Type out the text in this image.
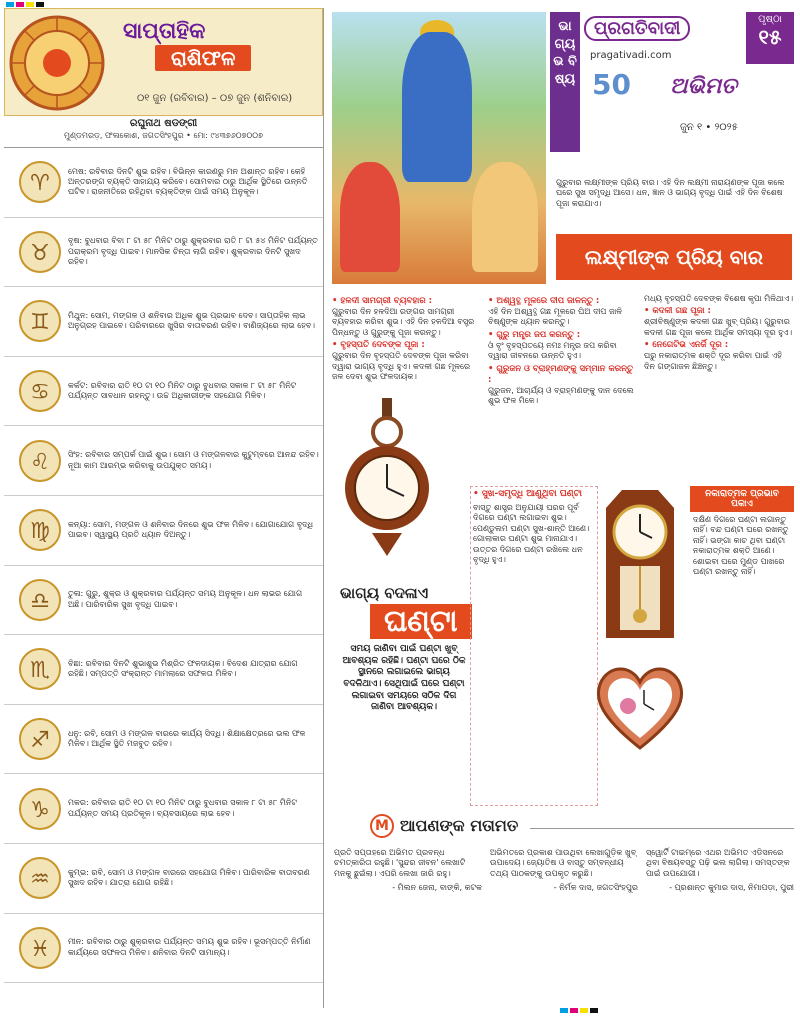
ସାପ୍ତାହିକ
ରାଶିଫଳ
୦୧ ଜୁନ (ରବିବାର) – ୦୭ ଜୁନ (ଶନିବାର)
ରଘୁନାଥ ଷଡଙ୍ଗୀ
ମୁଣ୍ଡମରଡ଼, ଫଳାକୋଶ, ଜଗତସିଂହପୁର • ମୋ: ୯୪୩୭୬୦୭୦୦୭
♈
ମେଷ: ରବିବାର ଦିନଟି ଶୁଭ ରହିବ। ବିଭିନ୍ନ କାରଣରୁ ମନ ଅଶାନ୍ତ ରହିବ। କେହି ଅନ୍ତରଙ୍ଗ ବ୍ୟକ୍ତି ସାହାଯ୍ୟ କରିବେ। ସୋମବାର ଠାରୁ ଆର୍ଥିକ ସ୍ଥିତିରେ ଉନ୍ନତି ଘଟିବ। ରାଜନୀତିରେ ରହିଥିବା ବ୍ୟକ୍ତିଙ୍କ ପାଇଁ ସମୟ ଅନୁକୂଳ।
♉
ବୃଷ: ବୁଧବାର ବିବା ୮ ଟା ୫୮ ମିନିଟ ଠାରୁ ଶୁକ୍ରବାର ରାତି ୮ ଟା ୫୪ ମିନିଟ ପର୍ଯ୍ୟନ୍ତ ପରାକ୍ରମ ବୃଦ୍ଧି ପାଇବ। ମାନସିକ ଚିନ୍ତା ଲାଗି ରହିବ। ଶୁକ୍ରବାର ଦିନଟି ସୁଖଦ ରହିବ।
♊ ମିଥୁନ: ସୋମ, ମଙ୍ଗଳ ଓ ଶନିବାର ଅଧିକ ଶୁଭ ପ୍ରଭାବ ଦେବ। ସାପ୍ତାହିକ ଲାଭ ଅନୁଗ୍ରହ ପାଇବେ। ପରିବାରରେ ଖୁସିର ବାତାବରଣ ରହିବ। ବାଣିଜ୍ୟରେ ଲାଭ ହେବ।
♋ କର୍କଟ: ରବିବାର ରାତି ୧୦ ଟା ୧୦ ମିନିଟ ଠାରୁ ବୁଧବାର ସକାଳ ୮ ଟା ୫୮ ମିନିଟ ପର୍ଯ୍ୟନ୍ତ ସାବଧାନ ରହନ୍ତୁ। ଉଚ୍ଚ ଅଧିକାରୀଙ୍କ ସହଯୋଗ ମିଳିବ।
♌ ସିଂହ: ରବିବାର ସମ୍ପର୍କ ପାଇଁ ଶୁଭ। ସୋମ ଓ ମଙ୍ଗଳବାର କୁଟୁମ୍ବରେ ଆନନ୍ଦ ରହିବ। ନୂଆ କାମ ଆରମ୍ଭ କରିବାକୁ ଉପଯୁକ୍ତ ସମୟ।
♍ କନ୍ୟା: ସୋମ, ମଙ୍ଗଳ ଓ ଶନିବାର ଦିନରେ ଶୁଭ ଫଳ ମିଳିବ। ଯୋଗାଯୋଗ ବୃଦ୍ଧି ପାଇବ। ସ୍ୱାସ୍ଥ୍ୟ ପ୍ରତି ଧ୍ୟାନ ଦିଅନ୍ତୁ।
♎ ତୁଳା: ଗୁରୁ, ଶୁକ୍ର ଓ ଶୁକ୍ରବାର ପର୍ଯ୍ୟନ୍ତ ସମୟ ଅନୁକୂଳ। ଧନ ଲାଭର ଯୋଗ ଅଛି। ପାରିବାରିକ ସୁଖ ବୃଦ୍ଧି ପାଇବ।
♏ ବିଛା: ରବିବାର ଦିନଟି ଶୁଭାଶୁଭ ମିଶ୍ରିତ ଫଳଦାୟକ। ବିଦେଶ ଯାତ୍ରାର ଯୋଗ ରହିଛି। ସମ୍ପତ୍ତି ସଂକ୍ରାନ୍ତ ମାମଲାରେ ସଫଳତା ମିଳିବ।
♐ ଧନୁ: ରବି, ସୋମ ଓ ମଙ୍ଗଳ ବାରରେ କାର୍ଯ୍ୟ ସିଦ୍ଧି। ଶିକ୍ଷାକ୍ଷେତ୍ରରେ ଭଲ ଫଳ ମିଳିବ। ଆର୍ଥିକ ସ୍ଥିତି ମଜବୁତ ରହିବ।
♑ ମକର: ରବିବାର ରାତି ୧୦ ଟା ୧୦ ମିନିଟ ଠାରୁ ବୁଧବାର ସକାଳ ୮ ଟା ୫୮ ମିନିଟ ପର୍ଯ୍ୟନ୍ତ ସମୟ ପ୍ରତିକୂଳ। ବ୍ୟବସାୟରେ ଲାଭ ହେବ।
♒ କୁମ୍ଭ: ରବି, ସୋମ ଓ ମଙ୍ଗଳ ବାରରେ ସହଯୋଗ ମିଳିବ। ପାରିବାରିକ ବାତାବରଣ ସୁଖଦ ରହିବ। ଯାତ୍ରା ଯୋଗ ରହିଛି।
♓ ମୀନ: ରବିବାର ଠାରୁ ଶୁକ୍ରବାର ପର୍ଯ୍ୟନ୍ତ ସମୟ ଶୁଭ ରହିବ। ଭୂସମ୍ପତ୍ତି ନିର୍ମାଣ କାର୍ଯ୍ୟରେ ସଫଳତା ମିଳିବ। ଶନିବାର ଦିନଟି ସାମାନ୍ୟ।
ଭା ଗ୍ୟ ଭ ବି ଷ୍ୟ
ପ୍ରଗତିବାଦୀ	ପୃଷ୍ଠା
୧୫
pragativadi.com
50 ଅଭିମତ
ଜୁନ ୧ • ୨୦୨୫
ଗୁରୁବାର ଲକ୍ଷ୍ମୀଙ୍କ ପ୍ରିୟ ବାର। ଏହି ଦିନ ଲକ୍ଷ୍ମୀ ନାରାୟଣଙ୍କ ପୂଜା କଲେ ଘରେ ସୁଖ ସମୃଦ୍ଧି ଆସେ। ଧନ, ଜ୍ଞାନ ଓ ଭାଗ୍ୟ ବୃଦ୍ଧି ପାଇଁ ଏହି ଦିନ ବିଶେଷ ପୂଜା କରାଯାଏ।
ଲକ୍ଷ୍ମୀଙ୍କ ପ୍ରିୟ ବାର
• ହଳଦୀ ସାମଗ୍ରୀ ବ୍ୟବହାର :

ଗୁରୁବାର ଦିନ ହଳଦିଆ ରଙ୍ଗର ସାମଗ୍ରୀ ବ୍ୟବହାର କରିବା ଶୁଭ। ଏହି ଦିନ ହଳଦିଆ ବସ୍ତ୍ର ପିନ୍ଧନ୍ତୁ ଓ ଗୁରୁଙ୍କୁ ପୂଜା କରନ୍ତୁ।

• ବୃହସ୍ପତି ଦେବଙ୍କ ପୂଜା :

ଗୁରୁବାର ଦିନ ବୃହସ୍ପତି ଦେବଙ୍କ ପୂଜା କରିବା ଦ୍ୱାରା ଭାଗ୍ୟ ବୃଦ୍ଧି ହୁଏ। କଦଳୀ ଗଛ ମୂଳରେ ଜଳ ଦେବା ଶୁଭ ଫଳଦାୟକ।

• ଅଶ୍ୱତ୍ଥ ମୂଳରେ ଦୀପ ଜାଳନ୍ତୁ :

ଏହି ଦିନ ଅଶ୍ୱତ୍ଥ ଗଛ ମୂଳରେ ଘିଅ ଦୀପ ଜାଳି ବିଷ୍ଣୁଙ୍କ ଧ୍ୟାନ କରନ୍ତୁ।

• ଗୁରୁ ମନ୍ତ୍ର ଜପ କରନ୍ତୁ :

ଓଁ ବୃଂ ବୃହସ୍ପତୟେ ନମଃ ମନ୍ତ୍ର ଜପ କରିବା ଦ୍ୱାରା ଜୀବନରେ ଉନ୍ନତି ହୁଏ।

• ଗୁରୁଜନ ଓ ବ୍ରାହ୍ମଣଙ୍କୁ ସମ୍ମାନ କରନ୍ତୁ :

ଗୁରୁଜନ, ଆଚାର୍ଯ୍ୟ ଓ ବ୍ରାହ୍ମଣଙ୍କୁ ଦାନ ଦେଲେ ଶୁଭ ଫଳ ମିଳେ।

ମଧ୍ୟ ବୃହସ୍ପତି ଦେବଙ୍କ ବିଶେଷ କୃପା ମିଳିଥାଏ।

• କଦଳୀ ଗଛ ପୂଜା :

ଶ୍ରୀବିଷ୍ଣୁଙ୍କ କଦଳୀ ଗଛ ଖୁବ୍ ପ୍ରିୟ। ଗୁରୁବାର କଦଳୀ ଗଛ ପୂଜା କଲେ ଆର୍ଥିକ ସମସ୍ୟା ଦୂର ହୁଏ।

• ନେଗେଟିଭ ଏନର୍ଜି ଦୂର :

ଘରୁ ନକାରାତ୍ମକ ଶକ୍ତି ଦୂର କରିବା ପାଇଁ ଏହି ଦିନ ଗଙ୍ଗାଜଳ ଛିଞ୍ଚନ୍ତୁ।

ଭାଗ୍ୟ ବଦଳାଏ
ଘଣ୍ଟା
ସମୟ ଜାଣିବା ପାଇଁ ଘଣ୍ଟା ଖୁବ୍ ଆବଶ୍ୟକ ରହିଛି। ଘଣ୍ଟା ଘରେ ଠିକ ସ୍ଥାନରେ ଲଗାଇଲେ ଭାଗ୍ୟ ବଦଳିଥାଏ। ସେଥିପାଇଁ ଘରେ ଘଣ୍ଟା ଲଗାଇବା ସମୟରେ ସଠିକ ଦିଗ ଜାଣିବା ଆବଶ୍ୟକ।
• ସୁଖ-ସମୃଦ୍ଧି ଆଣୁଥିବା ଘଣ୍ଟା

ବାସ୍ତୁ ଶାସ୍ତ୍ର ଅନୁଯାୟୀ ଘରର ପୂର୍ବ ଦିଗରେ ଘଣ୍ଟା ଲଗାଇବା ଶୁଭ। ପେଣ୍ଡୁଲମ ଘଣ୍ଟା ସୁଖ-ଶାନ୍ତି ଆଣେ। ଗୋଲାକାର ଘଣ୍ଟା ଶୁଭ ମାନାଯାଏ। ଉତ୍ତର ଦିଗରେ ଘଣ୍ଟା ରଖିଲେ ଧନ ବୃଦ୍ଧି ହୁଏ।

ନକାରାତ୍ମକ ପ୍ରଭାବ ପକାଏ

ଦକ୍ଷିଣ ଦିଗରେ ଘଣ୍ଟା ଲଗାନ୍ତୁ ନାହିଁ। ବନ୍ଦ ଘଣ୍ଟା ଘରେ ରଖନ୍ତୁ ନାହିଁ। ଭଙ୍ଗା କାଚ ଥିବା ଘଣ୍ଟା ନକାରାତ୍ମକ ଶକ୍ତି ଆଣେ। ଶୋଇବା ଘରେ ମୁଣ୍ଡ ପାଖରେ ଘଣ୍ଟା ରଖନ୍ତୁ ନାହିଁ।

M ଆପଣଙ୍କ ମତାମତ

ପ୍ରତି ସପ୍ତାହରେ ଅଭିମତ ପ୍ରବନ୍ଧ ଚମତ୍କାରିତା ରହୁଛି। 'ସୁନ୍ଦର ଜୀବନ' ଲେଖାଟି ମନକୁ ଛୁଇଁଲା। ଏପରି ଲେଖା ଜାରି ରହୁ।

- ମିଲନ ଜେନା, ବାଙ୍କି, କଟକ

ଅଭିମତରେ ପ୍ରକାଶ ପାଉଥିବା ଲେଖାଗୁଡ଼ିକ ଖୁବ୍ ଉପାଦେୟ। ଜ୍ୟୋତିଷ ଓ ବାସ୍ତୁ ସମ୍ବନ୍ଧୀୟ ତଥ୍ୟ ପାଠକଙ୍କୁ ଉପକୃତ କରୁଛି।

- ନିର୍ମଳ ଦାସ, ଜଗତସିଂହପୁର

ସ୍ୱୋର୍ଟି ଟାଇମ୍‌ରେ ଏଥର ଅଭିମତ ଏଡିସନରେ ଥିବା ବିଷୟବସ୍ତୁ ପଢ଼ି ଭଲ ଲାଗିଲା। ସମସ୍ତଙ୍କ ପାଇଁ ଉପଯୋଗୀ।

- ପ୍ରଶାନ୍ତ କୁମାର ଦାସ, ନିମାପଡ଼ା, ପୁରୀ
